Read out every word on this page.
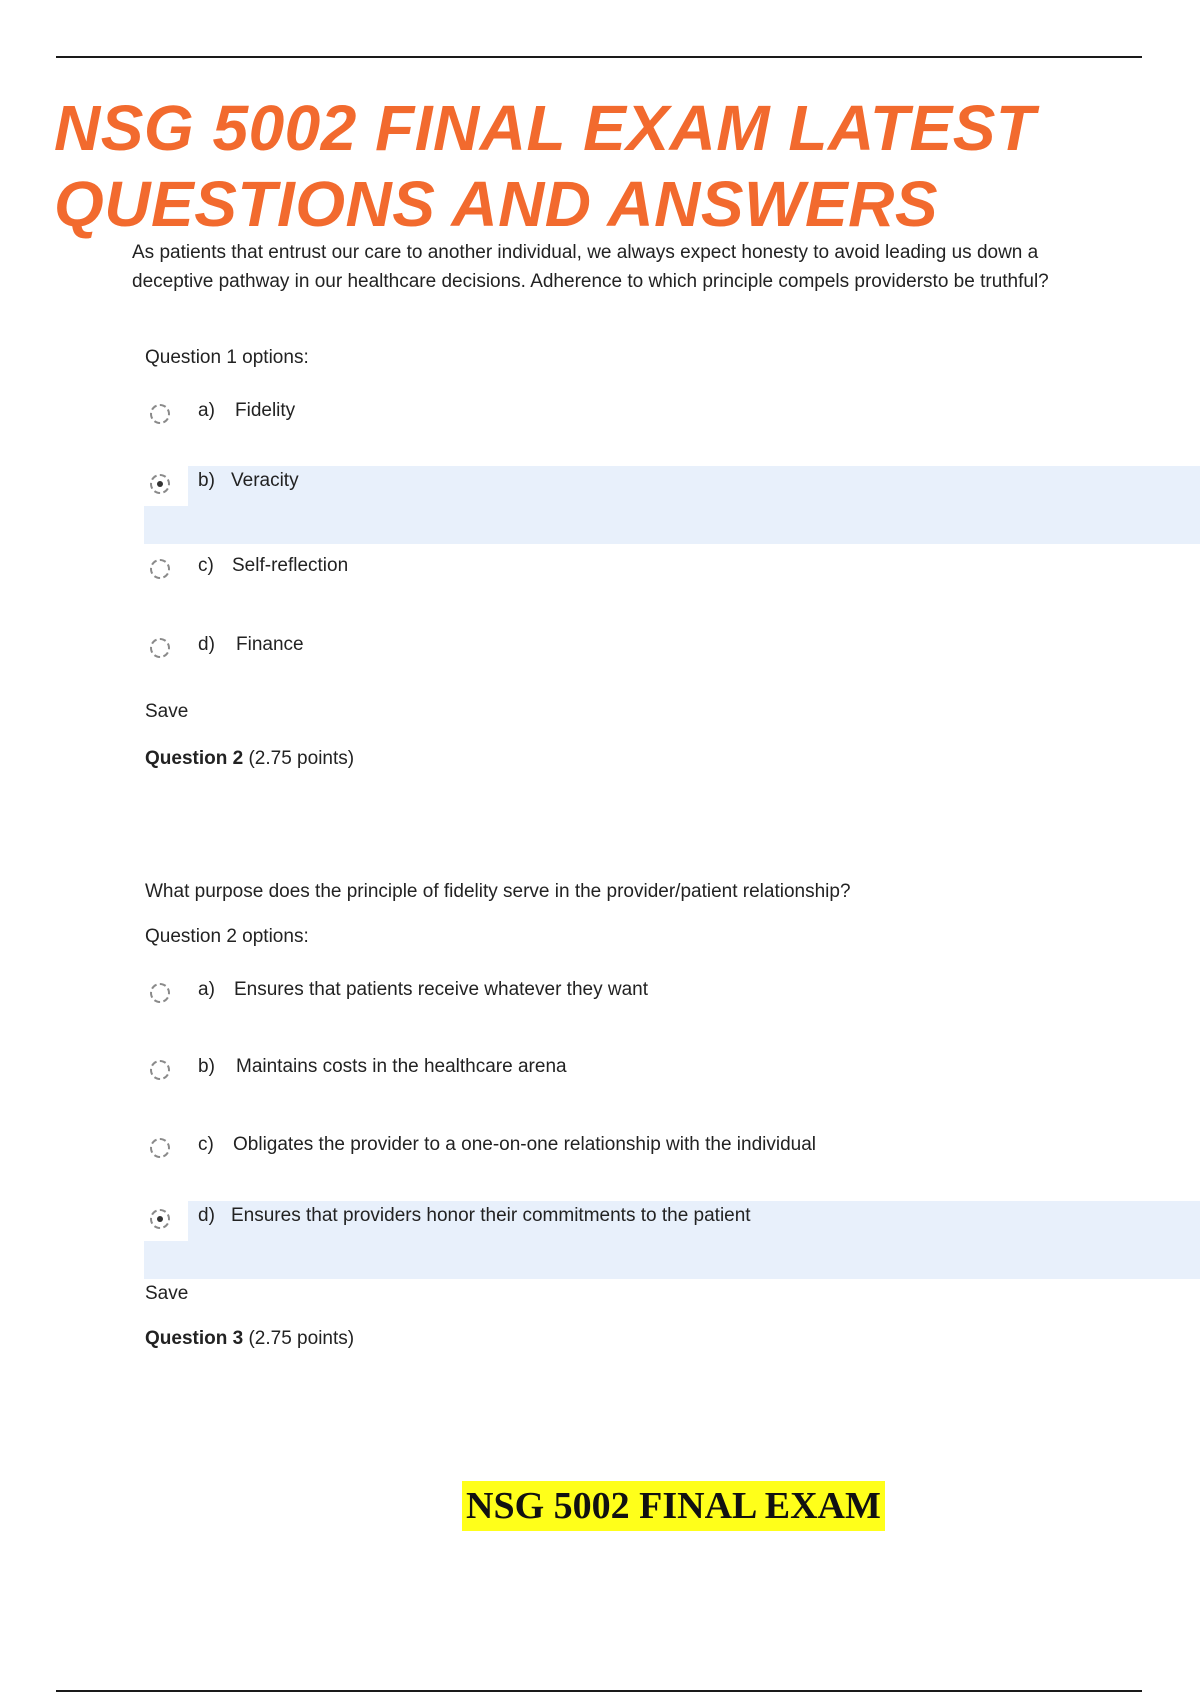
NSG 5002 FINAL EXAM LATEST
QUESTIONS AND ANSWERS
As patients that entrust our care to another individual, we always expect honesty to avoid leading us down a deceptive pathway in our healthcare decisions. Adherence to which principle compels providersto be truthful?
Question 1 options:
a) Fidelity
b) Veracity
c) Self-reflection
d) Finance
Save
Question 2 (2.75 points)
What purpose does the principle of fidelity serve in the provider/patient relationship?
Question 2 options:
a) Ensures that patients receive whatever they want
b) Maintains costs in the healthcare arena
c) Obligates the provider to a one-on-one relationship with the individual
d) Ensures that providers honor their commitments to the patient
Save
Question 3 (2.75 points)
NSG 5002 FINAL EXAM
